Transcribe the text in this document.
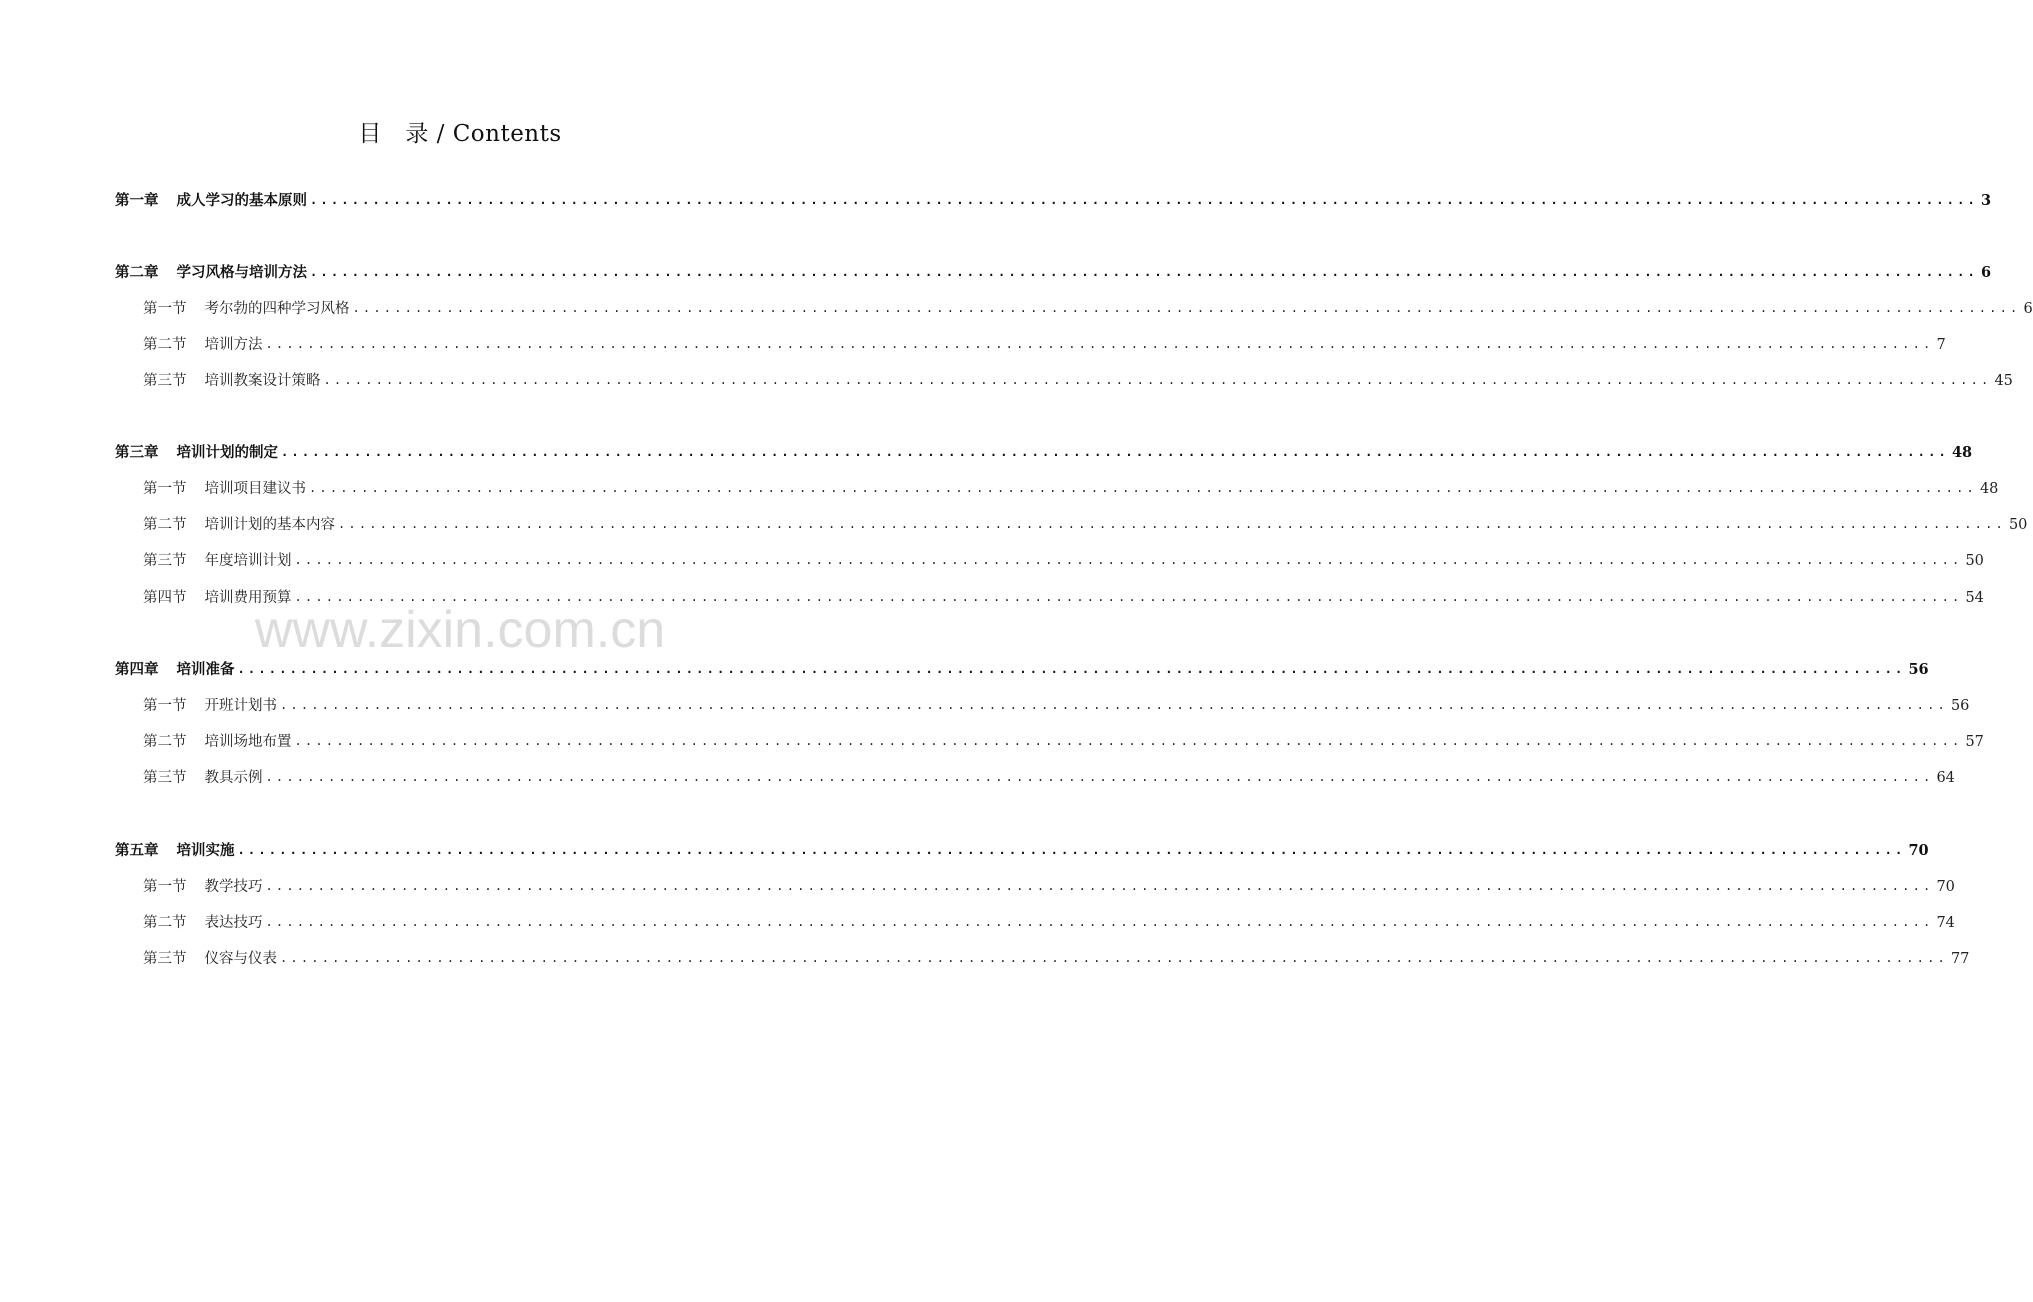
目　录 / Contents
www.zixin.com.cn
第一章 成人学习的基本原则 ................................................................................................................................................................ 3
第二章 学习风格与培训方法 ................................................................................................................................................................ 6
第一节 考尔勃的四种学习风格 ................................................................................................................................................................ 6
第二节 培训方法 ................................................................................................................................................................ 7
第三节 培训教案设计策略 ................................................................................................................................................................ 45
第三章 培训计划的制定 ................................................................................................................................................................ 48
第一节 培训项目建议书 ................................................................................................................................................................ 48
第二节 培训计划的基本内容 ................................................................................................................................................................ 50
第三节 年度培训计划 ................................................................................................................................................................ 50
第四节 培训费用预算 ................................................................................................................................................................ 54
第四章 培训准备 ................................................................................................................................................................ 56
第一节 开班计划书 ................................................................................................................................................................ 56
第二节 培训场地布置 ................................................................................................................................................................ 57
第三节 教具示例 ................................................................................................................................................................ 64
第五章 培训实施 ................................................................................................................................................................ 70
第一节 教学技巧 ................................................................................................................................................................ 70
第二节 表达技巧 ................................................................................................................................................................ 74
第三节 仪容与仪表 ................................................................................................................................................................ 77
